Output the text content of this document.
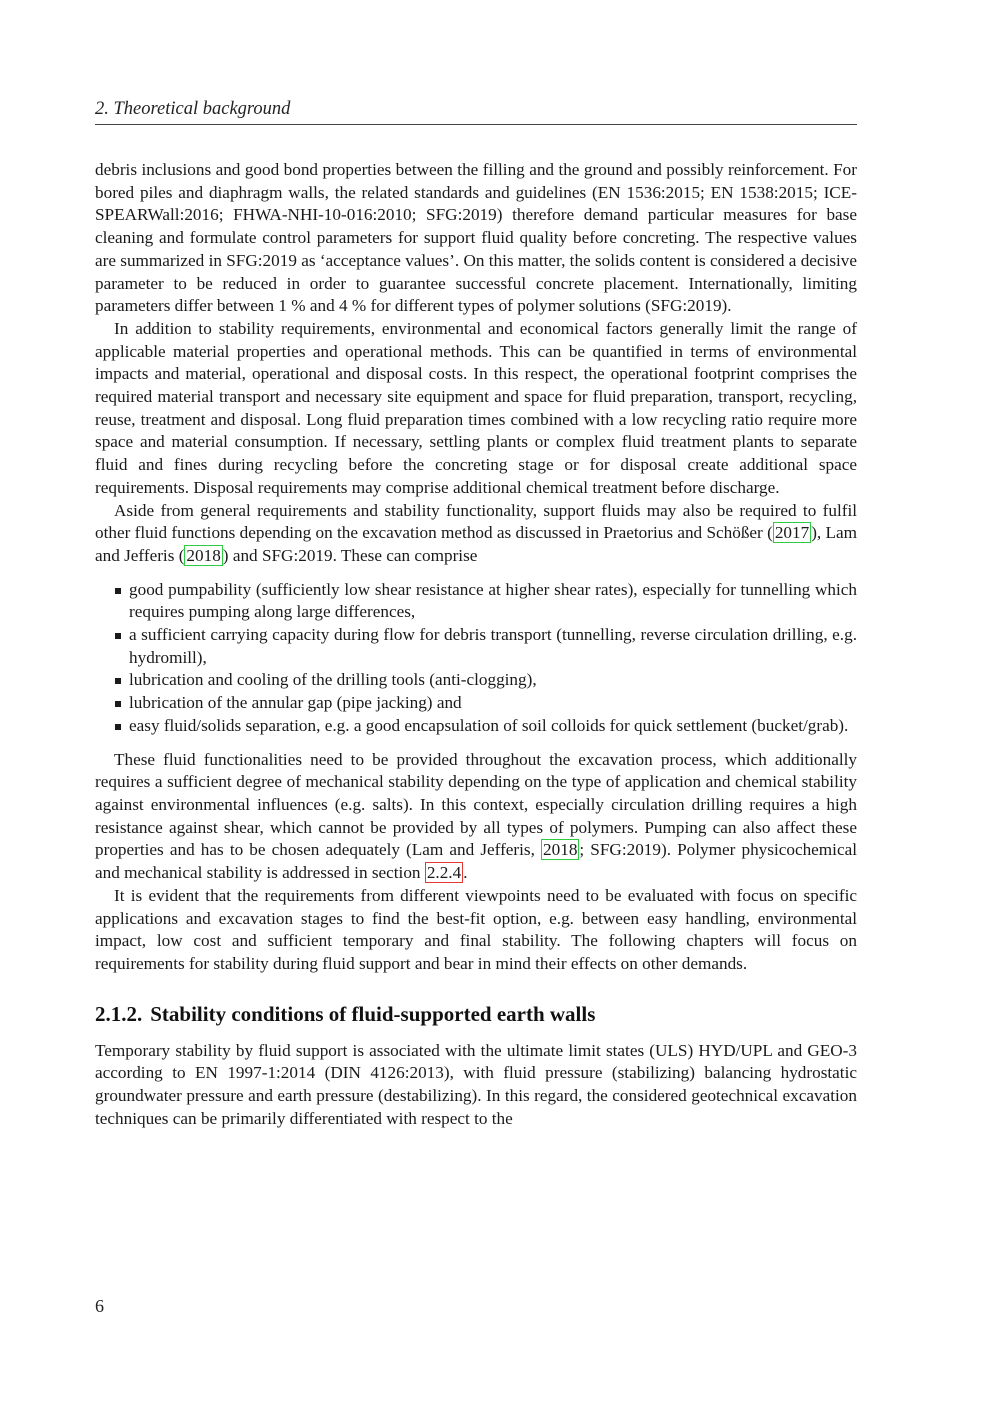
2. Theoretical background

debris inclusions and good bond properties between the filling and the ground and possibly reinforcement. For bored piles and diaphragm walls, the related standards and guidelines (EN 1536:2015; EN 1538:2015; ICE-SPEARWall:2016; FHWA-NHI-10-016:2010; SFG:2019) therefore demand particular measures for base cleaning and formulate control parameters for support fluid quality before concreting. The respective values are summarized in SFG:2019 as ‘acceptance values’. On this matter, the solids content is considered a decisive parameter to be reduced in order to guarantee successful concrete placement. Internationally, limiting parameters differ between 1 % and 4 % for different types of polymer solutions (SFG:2019).

In addition to stability requirements, environmental and economical factors generally limit the range of applicable material properties and operational methods. This can be quantified in terms of environmental impacts and material, operational and disposal costs. In this respect, the operational footprint comprises the required material transport and necessary site equipment and space for fluid preparation, transport, recycling, reuse, treatment and disposal. Long fluid preparation times combined with a low recycling ratio require more space and material consumption. If necessary, settling plants or complex fluid treatment plants to separate fluid and fines during recycling before the concreting stage or for disposal create additional space requirements. Disposal requirements may comprise additional chemical treatment before discharge.

Aside from general requirements and stability functionality, support fluids may also be required to fulfil other fluid functions depending on the excavation method as discussed in Praetorius and Schößer ( 2017 ), Lam and Jefferis ( 2018 ) and SFG:2019. These can comprise

good pumpability (sufficiently low shear resistance at higher shear rates), especially for tunnelling which requires pumping along large differences,
a sufficient carrying capacity during flow for debris transport (tunnelling, reverse circulation drilling, e.g. hydromill),
lubrication and cooling of the drilling tools (anti-clogging),
lubrication of the annular gap (pipe jacking) and
easy fluid/solids separation, e.g. a good encapsulation of soil colloids for quick settlement (bucket/grab).

These fluid functionalities need to be provided throughout the excavation process, which additionally requires a sufficient degree of mechanical stability depending on the type of application and chemical stability against environmental influences (e.g. salts). In this context, especially circulation drilling requires a high resistance against shear, which cannot be provided by all types of polymers. Pumping can also affect these properties and has to be chosen adequately (Lam and Jefferis, 2018 ; SFG:2019). Polymer physicochemical and mechanical stability is addressed in section 2.2.4 .

It is evident that the requirements from different viewpoints need to be evaluated with focus on specific applications and excavation stages to find the best-fit option, e.g. between easy handling, environmental impact, low cost and sufficient temporary and final stability. The following chapters will focus on requirements for stability during fluid support and bear in mind their effects on other demands.

2.1.2. Stability conditions of fluid-supported earth walls

Temporary stability by fluid support is associated with the ultimate limit states (ULS) HYD/UPL and GEO-3 according to EN 1997-1:2014 (DIN 4126:2013), with fluid pressure (stabilizing) balancing hydrostatic groundwater pressure and earth pressure (destabilizing). In this regard, the considered geotechnical excavation techniques can be primarily differentiated with respect to the

6
